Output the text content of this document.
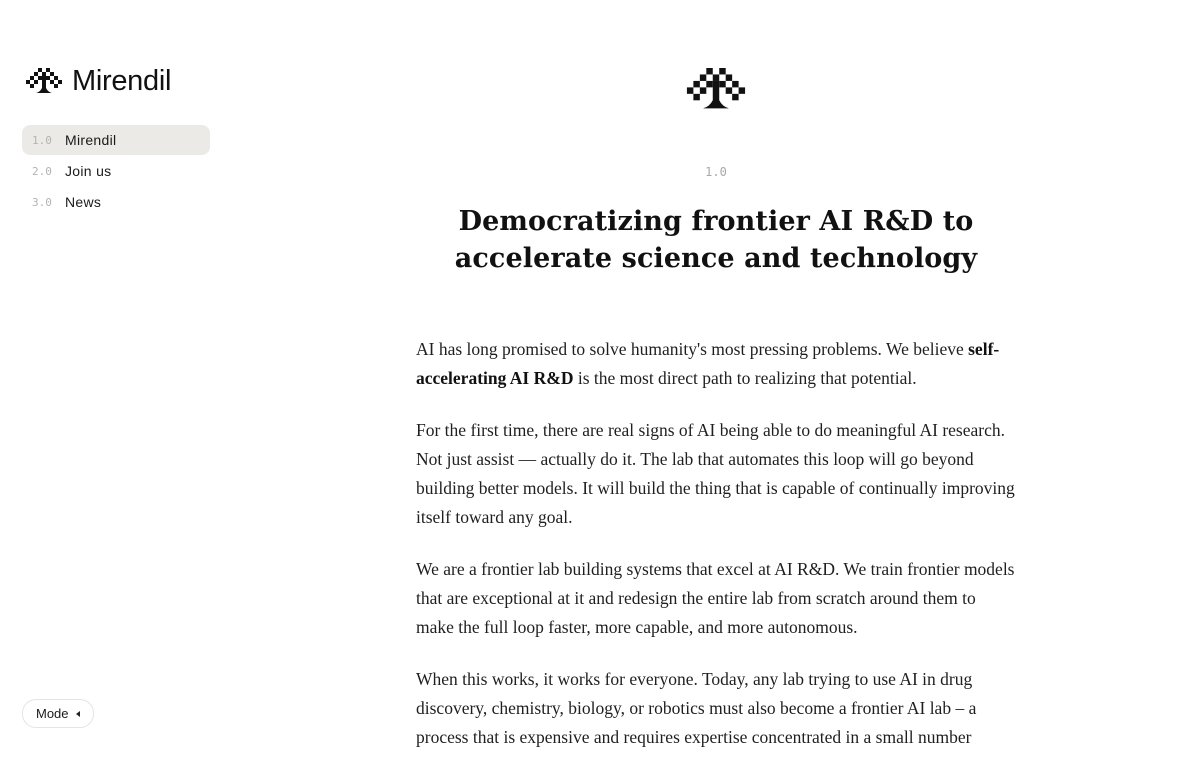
Mirendil
1.0 Mirendil
2.0 Join us
3.0 News
Mode
1.0
Democratizing frontier AI R&D to
accelerate science and technology

AI has long promised to solve humanity's most pressing problems. We believe self-accelerating AI R&D is the most direct path to realizing that potential.

For the first time, there are real signs of AI being able to do meaningful AI research. Not just assist — actually do it. The lab that automates this loop will go beyond building better models. It will build the thing that is capable of continually improving itself toward any goal.

We are a frontier lab building systems that excel at AI R&D. We train frontier models that are exceptional at it and redesign the entire lab from scratch around them to make the full loop faster, more capable, and more autonomous.

When this works, it works for everyone. Today, any lab trying to use AI in drug discovery, chemistry, biology, or robotics must also become a frontier AI lab – a process that is expensive and requires expertise concentrated in a small number
